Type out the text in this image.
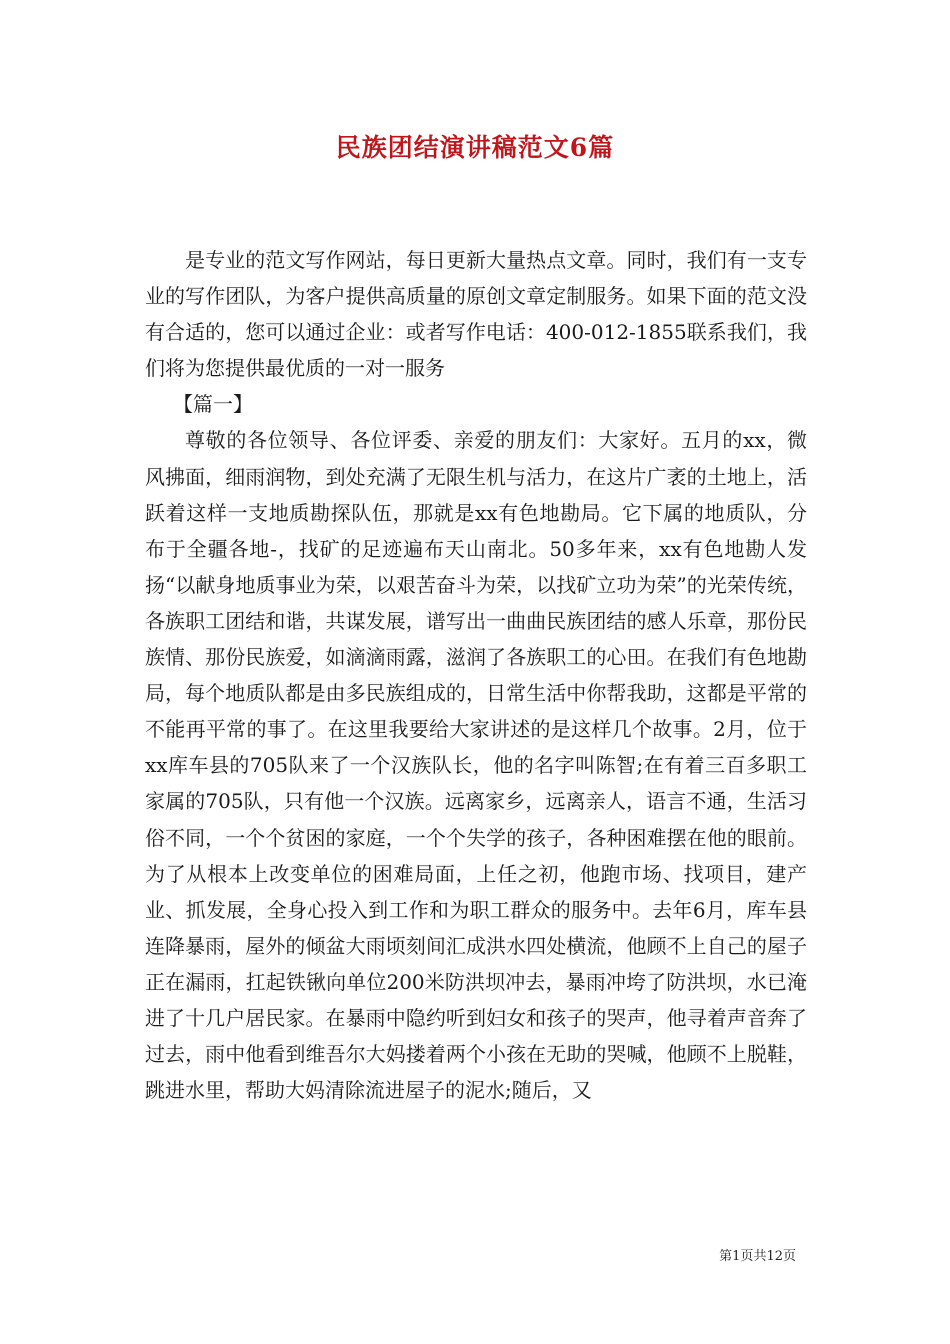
民族团结演讲稿范文6篇

是专业的范文写作网站，每日更新大量热点文章。同时，我们有一支专业的写作团队，为客户提供高质量的原创文章定制服务。如果下面的范文没有合适的，您可以通过企业：或者写作电话：400-012-1855联系我们，我们将为您提供最优质的一对一服务

【篇一】

尊敬的各位领导、各位评委、亲爱的朋友们：大家好。五月的xx，微风拂面，细雨润物，到处充满了无限生机与活力，在这片广袤的土地上，活跃着这样一支地质勘探队伍，那就是xx有色地勘局。它下属的地质队，分布于全疆各地-，找矿的足迹遍布天山南北。50多年来，xx有色地勘人发扬“以献身地质事业为荣，以艰苦奋斗为荣，以找矿立功为荣”的光荣传统，各族职工团结和谐，共谋发展，谱写出一曲曲民族团结的感人乐章，那份民族情、那份民族爱，如滴滴雨露，滋润了各族职工的心田。在我们有色地勘局，每个地质队都是由多民族组成的，日常生活中你帮我助，这都是平常的不能再平常的事了。在这里我要给大家讲述的是这样几个故事。2月，位于xx库车县的705队来了一个汉族队长，他的名字叫陈智;在有着三百多职工家属的705队，只有他一个汉族。远离家乡，远离亲人，语言不通，生活习俗不同，一个个贫困的家庭，一个个失学的孩子，各种困难摆在他的眼前。为了从根本上改变单位的困难局面，上任之初，他跑市场、找项目，建产业、抓发展，全身心投入到工作和为职工群众的服务中。去年6月，库车县连降暴雨，屋外的倾盆大雨顷刻间汇成洪水四处横流，他顾不上自己的屋子正在漏雨，扛起铁锹向单位200米防洪坝冲去，暴雨冲垮了防洪坝，水已淹进了十几户居民家。在暴雨中隐约听到妇女和孩子的哭声，他寻着声音奔了过去，雨中他看到维吾尔大妈搂着两个小孩在无助的哭喊，他顾不上脱鞋，跳进水里，帮助大妈清除流进屋子的泥水;随后，又

第1页共12页
